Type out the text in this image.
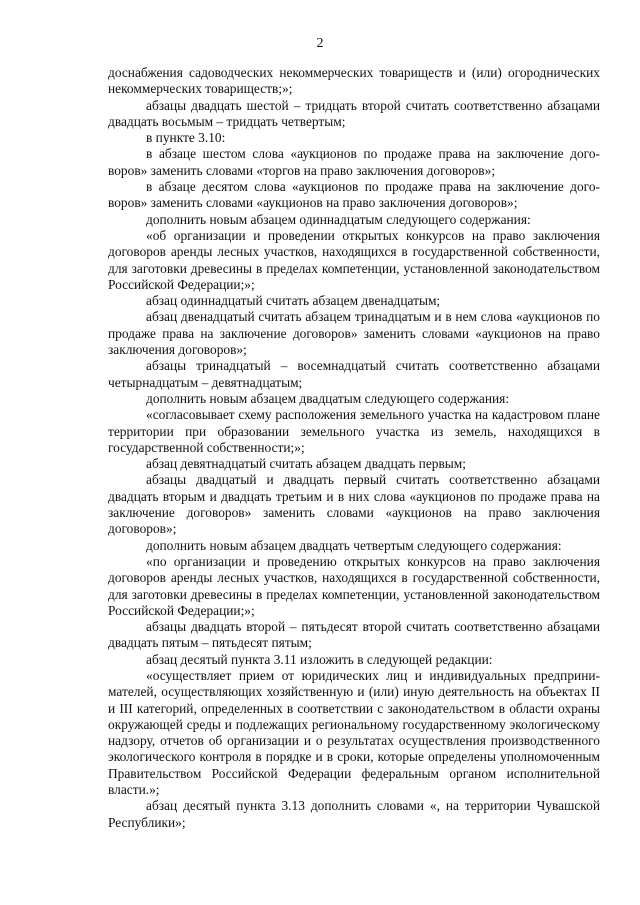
2

доснабжения садоводческих некоммерческих товариществ и (или) огороднических некоммерческих товариществ;»;

абзацы двадцать шестой – тридцать второй считать соответственно абзацами двадцать восьмым – тридцать четвертым;

в пункте 3.10:

в абзаце шестом слова «аукционов по продаже права на заключение договоров» заменить словами «торгов на право заключения договоров»;

в абзаце десятом слова «аукционов по продаже права на заключение договоров» заменить словами «аукционов на право заключения договоров»;

дополнить новым абзацем одиннадцатым следующего содержания:

«об организации и проведении открытых конкурсов на право заключения договоров аренды лесных участков, находящихся в государственной собственности, для заготовки древесины в пределах компетенции, установленной законодательством Российской Федерации;»;

абзац одиннадцатый считать абзацем двенадцатым;

абзац двенадцатый считать абзацем тринадцатым и в нем слова «аукционов по продаже права на заключение договоров» заменить словами «аукционов на право заключения договоров»;

абзацы тринадцатый – восемнадцатый считать соответственно абзацами четырнадцатым – девятнадцатым;

дополнить новым абзацем двадцатым следующего содержания:

«согласовывает схему расположения земельного участка на кадастровом плане территории при образовании земельного участка из земель, находящихся в государственной собственности;»;

абзац девятнадцатый считать абзацем двадцать первым;

абзацы двадцатый и двадцать первый считать соответственно абзацами двадцать вторым и двадцать третьим и в них слова «аукционов по продаже права на заключение договоров» заменить словами «аукционов на право заключения договоров»;

дополнить новым абзацем двадцать четвертым следующего содержания:

«по организации и проведению открытых конкурсов на право заключения договоров аренды лесных участков, находящихся в государственной собственности, для заготовки древесины в пределах компетенции, установленной законодательством Российской Федерации;»;

абзацы двадцать второй – пятьдесят второй считать соответственно абзацами двадцать пятым – пятьдесят пятым;

абзац десятый пункта 3.11 изложить в следующей редакции:

«осуществляет прием от юридических лиц и индивидуальных предпринимателей, осуществляющих хозяйственную и (или) иную деятельность на объектах II и III категорий, определенных в соответствии с законодательством в области охраны окружающей среды и подлежащих региональному государственному экологическому надзору, отчетов об организации и о результатах осуществления производственного экологического контроля в порядке и в сроки, которые определены уполномоченным Правительством Российской Федерации федеральным органом исполнительной власти.»;

абзац десятый пункта 3.13 дополнить словами «, на территории Чувашской Республики»;
